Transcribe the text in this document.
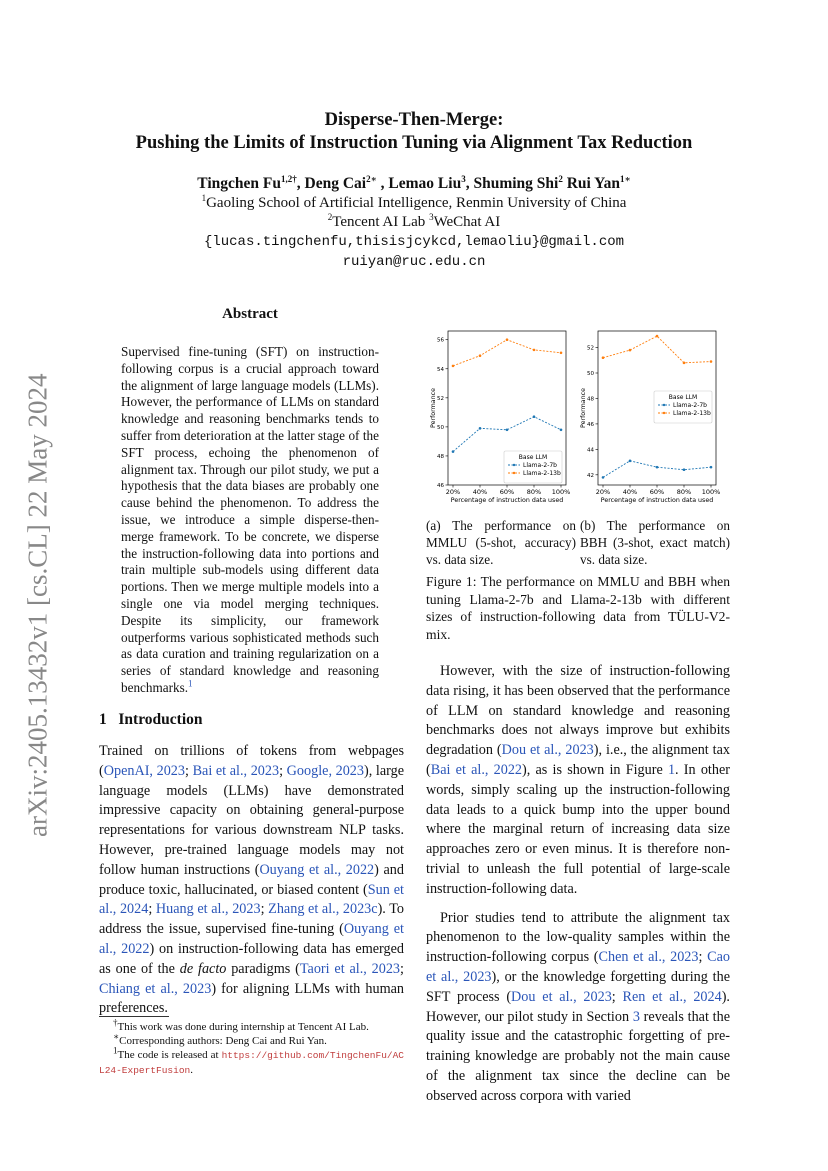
arXiv:2405.13432v1 [cs.CL] 22 May 2024
Disperse-Then-Merge:
Pushing the Limits of Instruction Tuning via Alignment Tax Reduction
Tingchen $Fu^{1,2\dagger}$, Deng Cai$^{2∗}$ , Lemao Liu$^3$, Shuming Shi$^2$ Rui Yan$^{1∗}$
$^1$Gaoling School of Artificial Intelligence, Renmin University of China
$^2$Tencent AI Lab $^3$WeChat AI
{lucas.tingchenfu,thisisjcykcd,lemaoliu}@gmail.com
ruiyan@ruc.edu.cn
Abstract
Supervised fine-tuning (SFT) on instruction-following corpus is a crucial approach toward the alignment of large language models (LLMs). However, the performance of LLMs on standard knowledge and reasoning benchmarks tends to suffer from deterioration at the latter stage of the SFT process, echoing the phenomenon of alignment tax. Through our pilot study, we put a hypothesis that the data biases are probably one cause behind the phenomenon. To address the issue, we introduce a simple disperse-then-merge framework. To be concrete, we disperse the instruction-following data into portions and train multiple sub-models using different data portions. Then we merge multiple models into a single one via model merging techniques. Despite its simplicity, our framework outperforms various sophisticated methods such as data curation and training regularization on a series of standard knowledge and reasoning benchmarks.$^1$
1 Introduction

Trained on trillions of tokens from webpages (OpenAI, 2023; Bai et al., 2023; Google, 2023), large language models (LLMs) have demonstrated impressive capacity on obtaining general-purpose representations for various downstream NLP tasks. However, pre-trained language models may not follow human instructions (Ouyang et al., 2022) and produce toxic, hallucinated, or biased content (Sun et al., 2024; Huang et al., 2023; Zhang et al., 2023c). To address the issue, supervised fine-tuning (Ouyang et al., 2022) on instruction-following data has emerged as one of the de facto paradigms (Taori et al., 2023; Chiang et al., 2023) for aligning LLMs with human preferences.

†This work was done during internship at Tencent AI Lab.
∗Corresponding authors: Deng Cai and Rui Yan.
$^1$The code is released at https://github.com/TingchenFu/ACL24-ExpertFusion.
46
48
50
52
54
56
20% 40% 60% 80% 100%
Percentage of instruction data used
Performance
Base LLM
Llama-2-7b
Llama-2-13b	42
44
46
48
50
52
20% 40% 60% 80% 100%
Percentage of instruction data used
Performance	Base LLM
Llama-2-7b
Llama-2-13b
(a) The performance on MMLU (5-shot, accuracy) vs. data size.
(b) The performance on BBH (3-shot, exact match) vs. data size.
Figure 1: The performance on MMLU and BBH when tuning Llama-2-7b and Llama-2-13b with different sizes of instruction-following data from TÜLU-V2-mix.

However, with the size of instruction-following data rising, it has been observed that the performance of LLM on standard knowledge and reasoning benchmarks does not always improve but exhibits degradation (Dou et al., 2023), i.e., the alignment tax (Bai et al., 2022), as is shown in Figure 1. In other words, simply scaling up the instruction-following data leads to a quick bump into the upper bound where the marginal return of increasing data size approaches zero or even minus. It is therefore non-trivial to unleash the full potential of large-scale instruction-following data.

Prior studies tend to attribute the alignment tax phenomenon to the low-quality samples within the instruction-following corpus (Chen et al., 2023; Cao et al., 2023), or the knowledge forgetting during the SFT process (Dou et al., 2023; Ren et al., 2024). However, our pilot study in Section 3 reveals that the quality issue and the catastrophic forgetting of pre-training knowledge are probably not the main cause of the alignment tax since the decline can be observed across corpora with varied
